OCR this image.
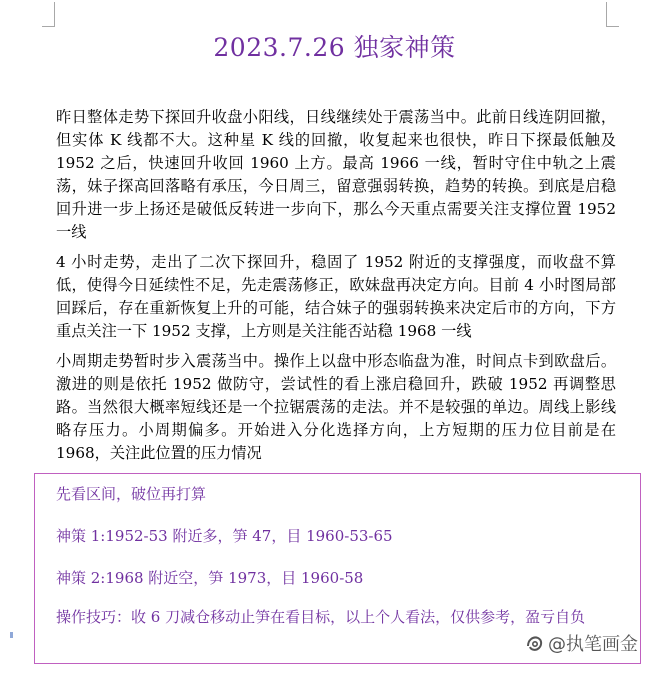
2023.7.26 独家神策

昨日整体走势下探回升收盘小阳线，日线继续处于震荡当中。此前日线连阴回撤，但实体 K 线都不大。这种星 K 线的回撤，收复起来也很快，昨日下探最低触及 1952 之后，快速回升收回 1960 上方。最高 1966 一线，暂时守住中轨之上震荡，妹子探高回落略有承压，今日周三，留意强弱转换，趋势的转换。到底是启稳回升进一步上扬还是破低反转进一步向下，那么今天重点需要关注支撑位置 1952 一线

4 小时走势，走出了二次下探回升，稳固了 1952 附近的支撑强度，而收盘不算低，使得今日延续性不足，先走震荡修正，欧妹盘再决定方向。目前 4 小时图局部回踩后，存在重新恢复上升的可能，结合妹子的强弱转换来决定后市的方向，下方重点关注一下 1952 支撑，上方则是关注能否站稳 1968 一线

小周期走势暂时步入震荡当中。操作上以盘中形态临盘为准，时间点卡到欧盘后。激进的则是依托 1952 做防守，尝试性的看上涨启稳回升，跌破 1952 再调整思路。当然很大概率短线还是一个拉锯震荡的走法。并不是较强的单边。周线上影线略存压力。小周期偏多。开始进入分化选择方向，上方短期的压力位目前是在 1968，关注此位置的压力情况

先看区间，破位再打算

神策 1:1952-53 附近多，笋 47，目 1960-53-65

神策 2:1968 附近空，笋 1973，目 1960-58

操作技巧：收 6 刀减仓移动止笋在看目标，以上个人看法，仅供参考，盈亏自负

@执笔画金
